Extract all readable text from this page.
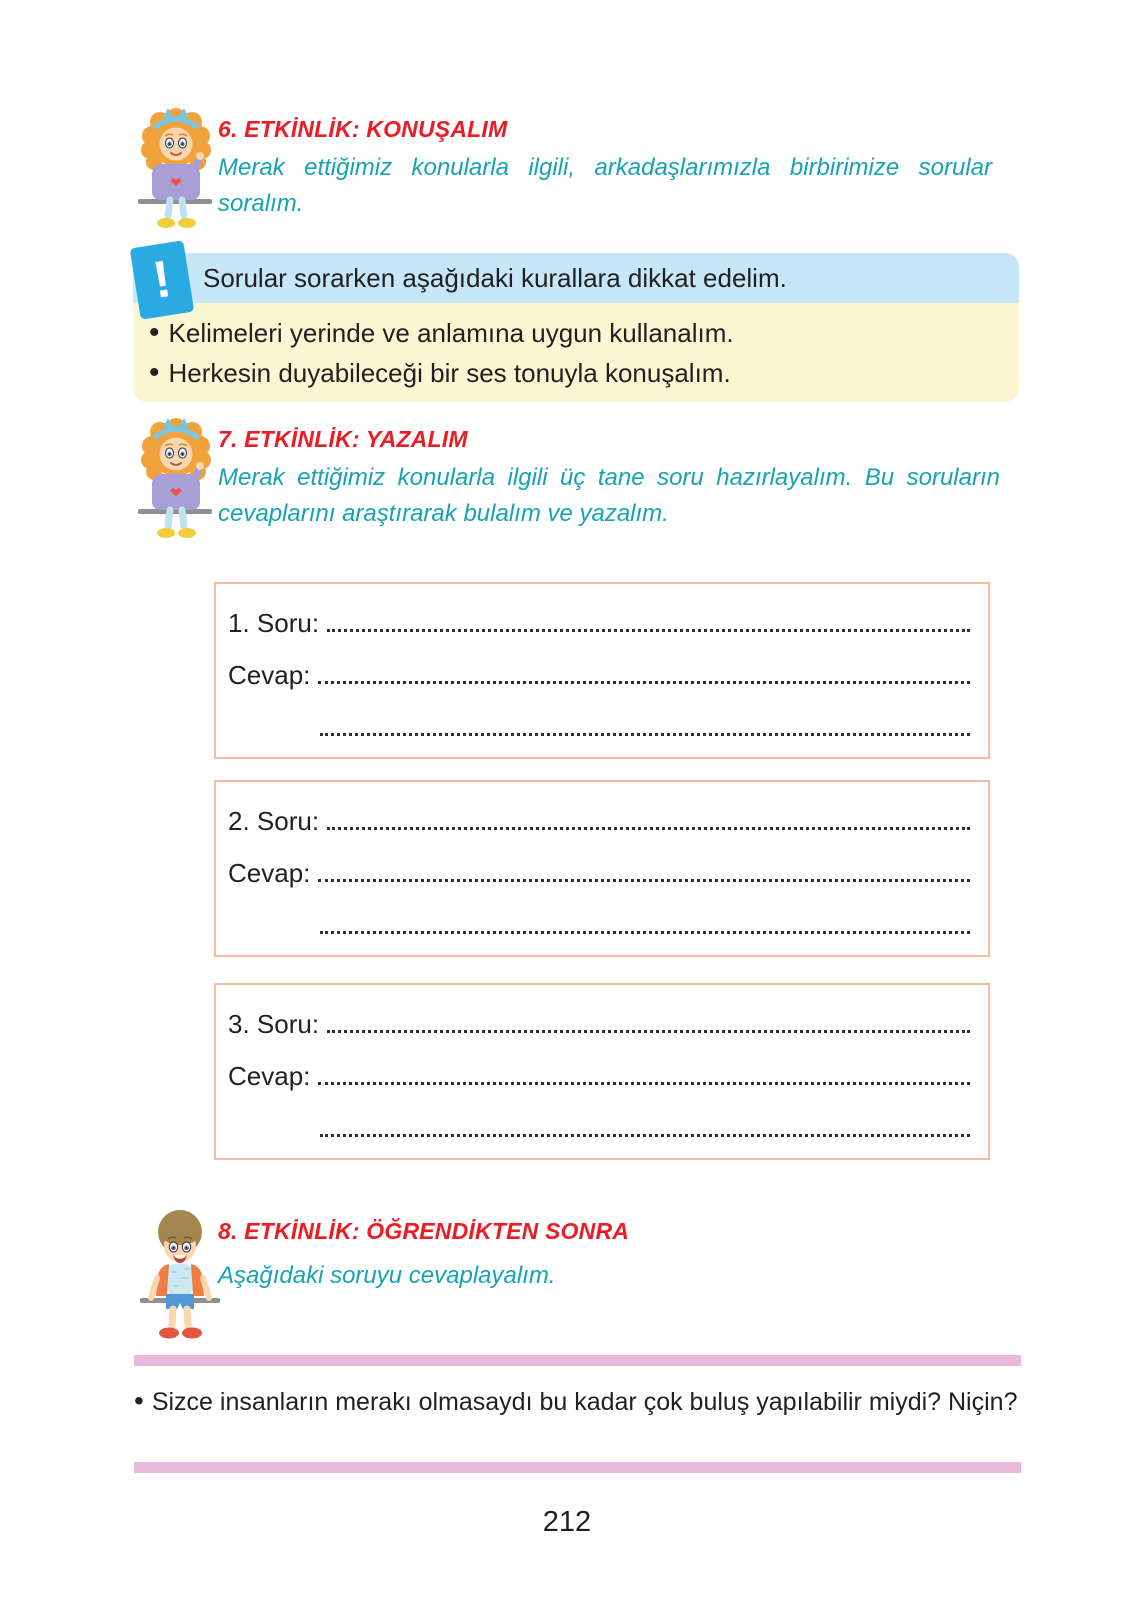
6. ETKİNLİK: KONUŞALIM
Merak ettiğimiz konularla ilgili, arkadaşlarımızla birbirimize sorular soralım.
! Sorular sorarken aşağıdaki kurallara dikkat edelim.
• Kelimeleri yerinde ve anlamına uygun kullanalım.
• Herkesin duyabileceği bir ses tonuyla konuşalım.
7. ETKİNLİK: YAZALIM
Merak ettiğimiz konularla ilgili üç tane soru hazırlayalım. Bu soruların cevaplarını araştırarak bulalım ve yazalım.
1. Soru:
Cevap:
2. Soru:
Cevap:
3. Soru:
Cevap:
8. ETKİNLİK: ÖĞRENDİKTEN SONRA
Aşağıdaki soruyu cevaplayalım.
• Sizce insanların merakı olmasaydı bu kadar çok buluş yapılabilir miydi? Niçin?
212
